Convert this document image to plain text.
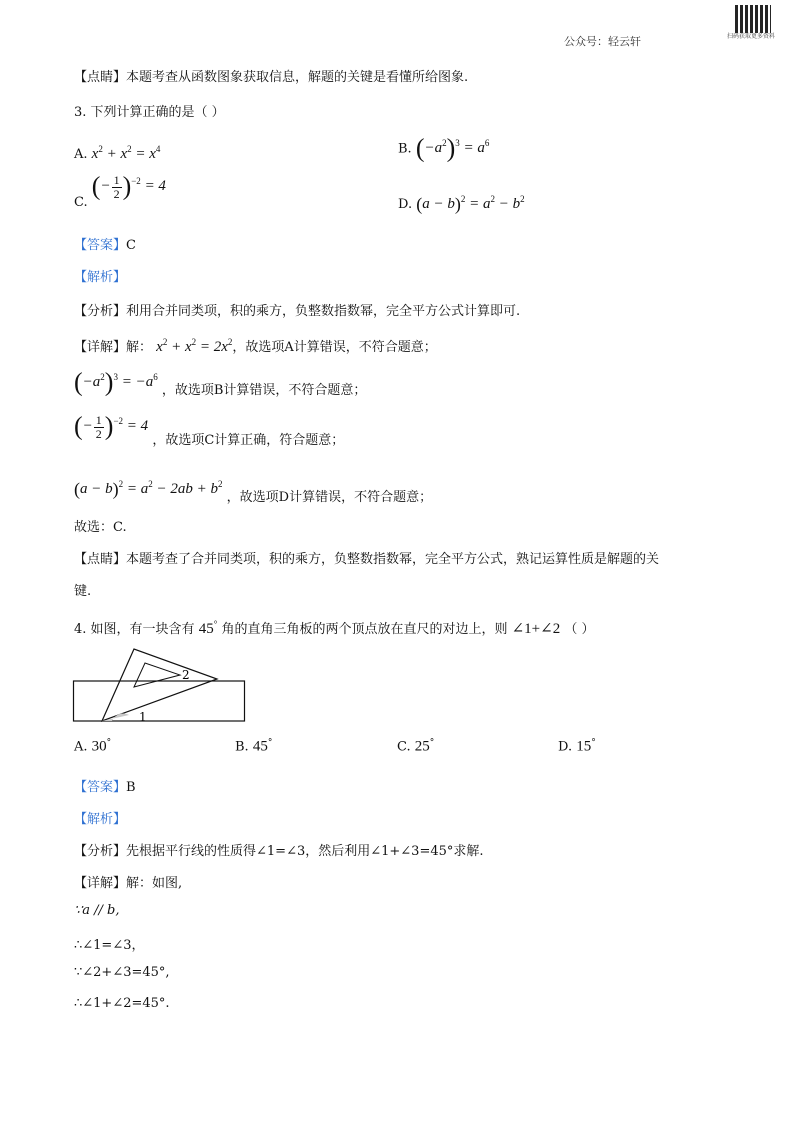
公众号：轻云轩	扫码获取更多资料
【点睛】本题考查从函数图象获取信息，解题的关键是看懂所给图象.
3. 下列计算正确的是（ ）
A. $x^2 + x^2 = x^4$	B. $(-a^2)^3 = a^6$
C. (− $\frac{1}{2} )^{-2} = 4$
D. $(a - b)^2 = a^2 - b^2$
【答案】C
【解析】
【分析】利用合并同类项，积的乘方，负整数指数幂，完全平方公式计算即可.
【详解】解： $x^2 + x^2 = 2x^2$，故选项A计算错误，不符合题意；
$(-a^2)^3 = -a^6$ ，故选项B计算错误，不符合题意；
(− $\frac{1}{2} )^{-2} = 4$ ，故选项C计算正确，符合题意；
$(a - b)^2 = a^2 - 2ab + b^2$ ，故选项D计算错误，不符合题意；
故选：C.
【点睛】本题考查了合并同类项，积的乘方，负整数指数幂，完全平方公式，熟记运算性质是解题的关
键.
4. 如图，有一块含有 45° 角的直角三角板的两个顶点放在直尺的对边上，则 ∠1+∠2 （ ）
1
2
A. 30°	B. 45°	C. 25°	D. 15°
【答案】B
【解析】
【分析】先根据平行线的性质得∠1=∠3，然后利用∠1+∠3=45°求解.
【详解】解：如图,
∵a // b,
∴∠1=∠3，
∵∠2+∠3=45°,
∴∠1+∠2=45°.
